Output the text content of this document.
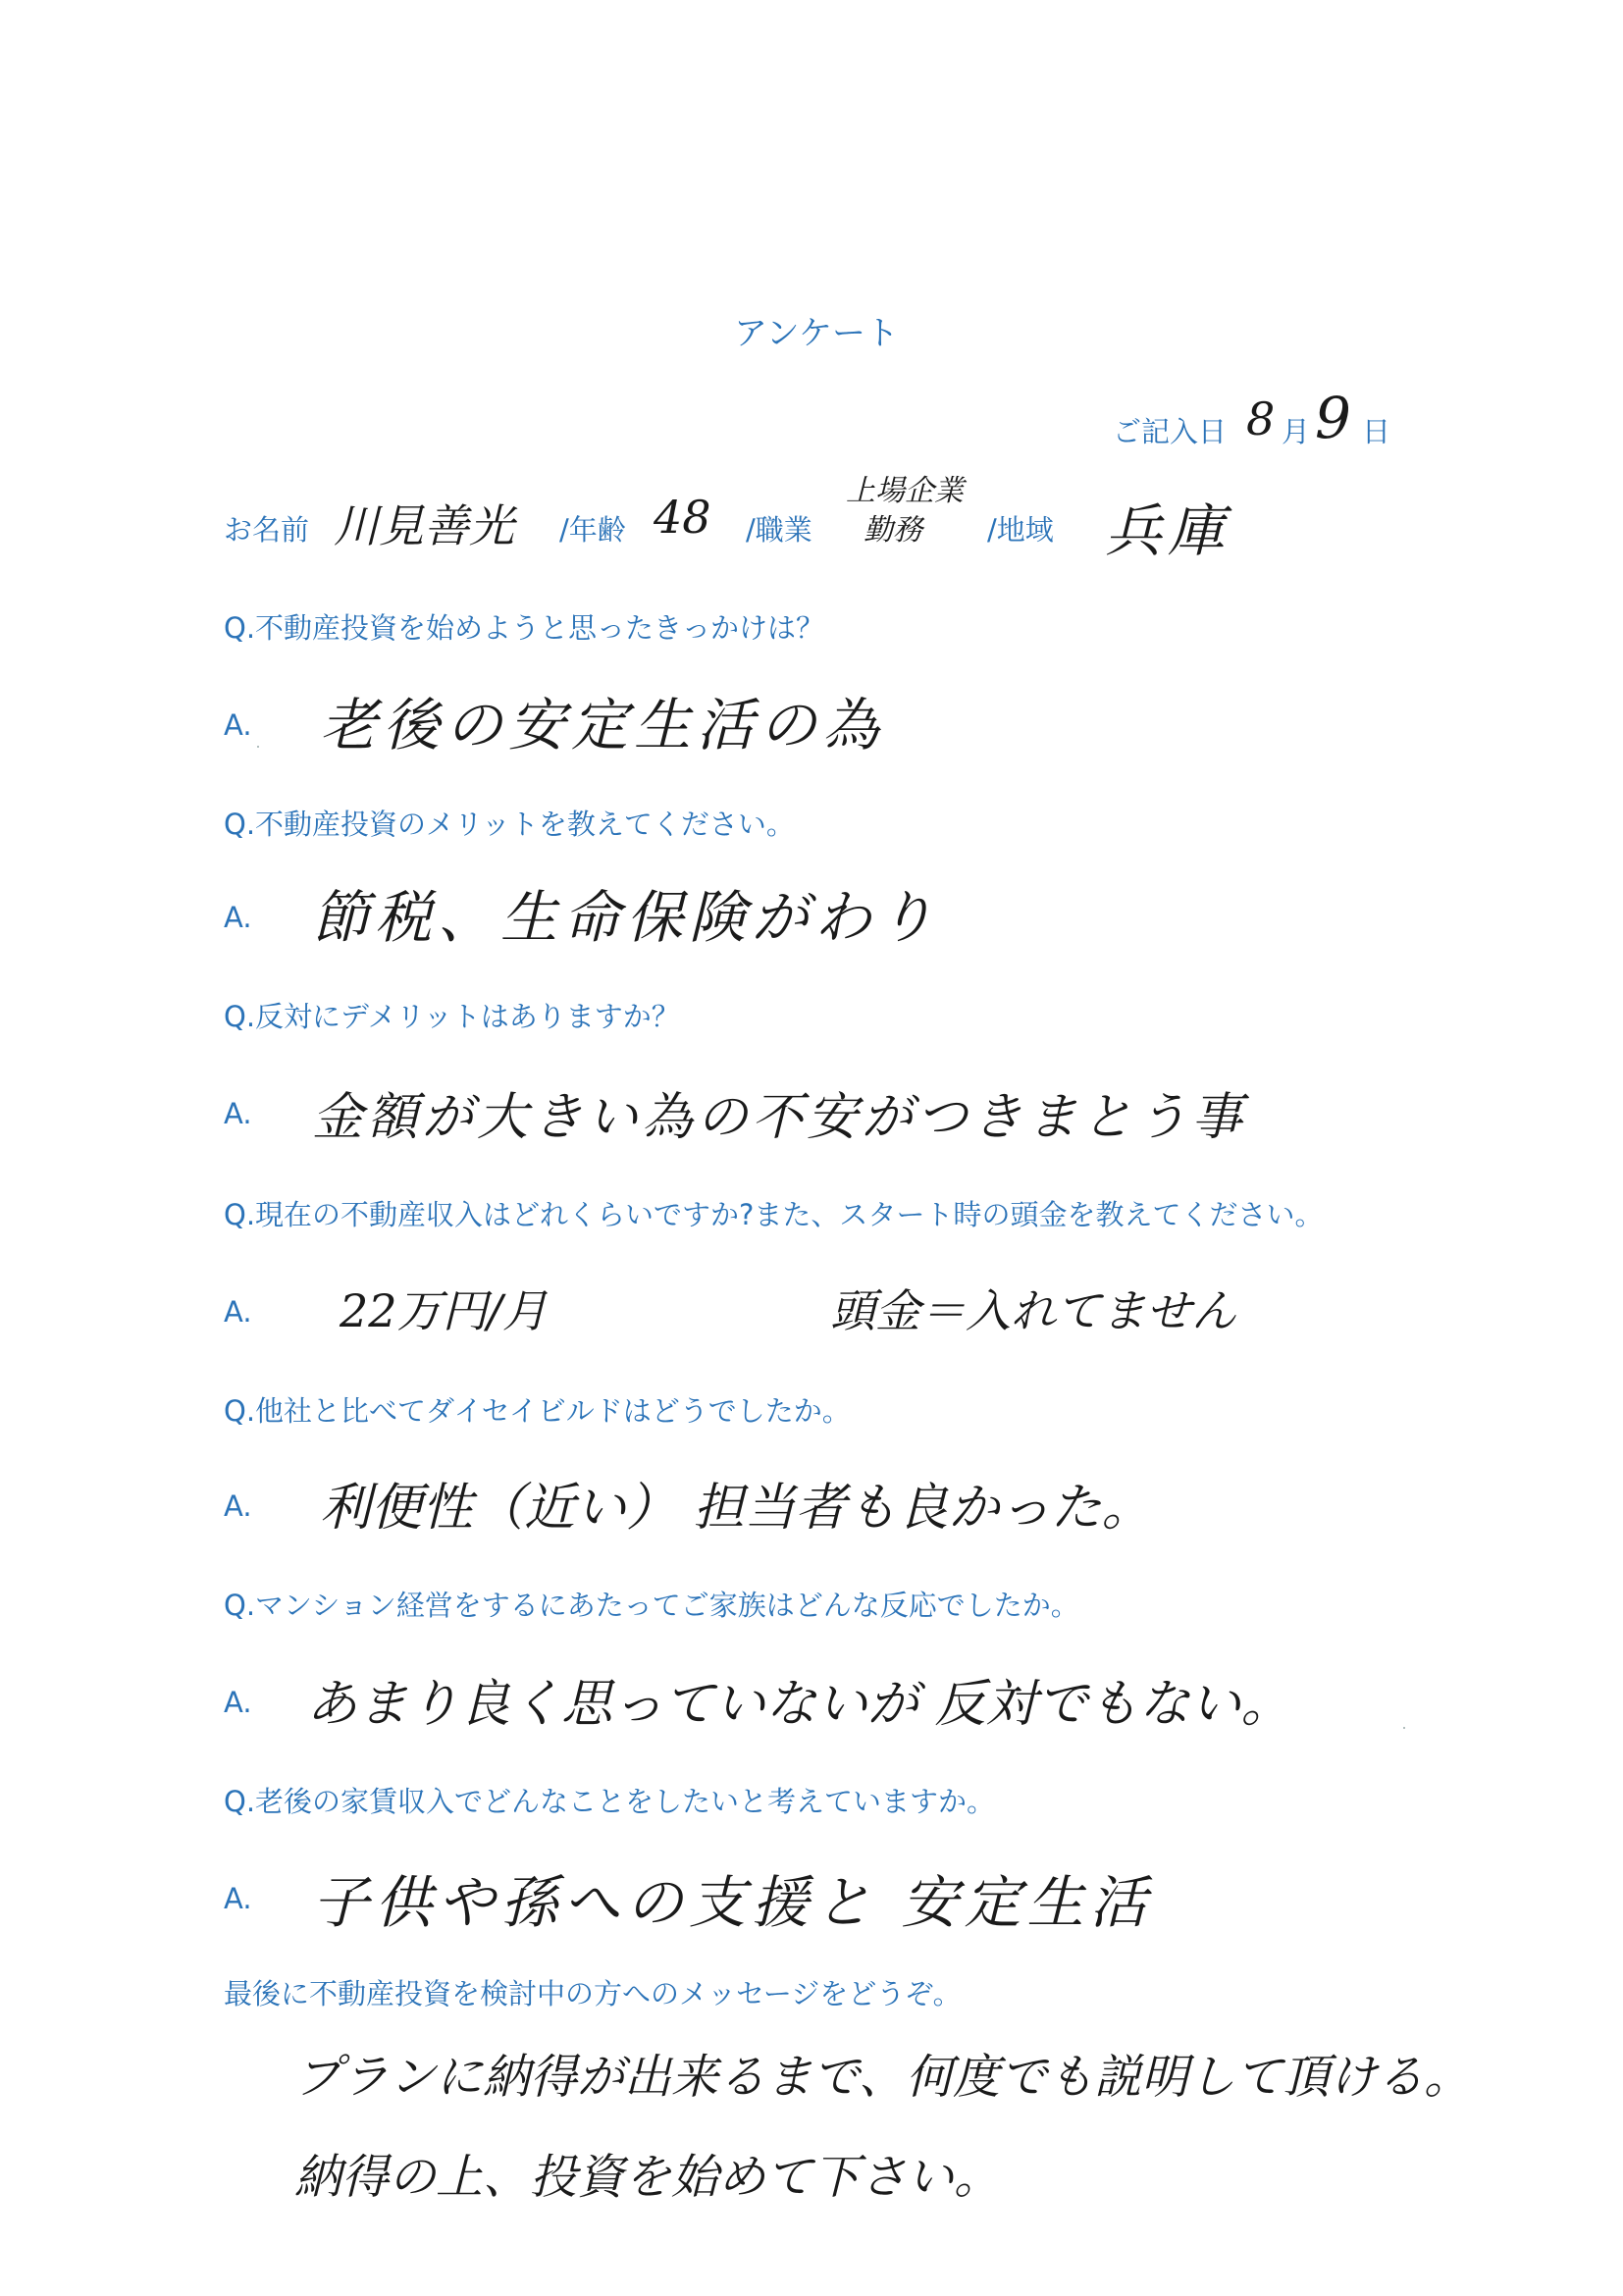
アンケート
ご記入日 8 月 9 日
お名前 川見善光 /年齢 48 /職業
上場企業
勤務 /地域 兵庫
Q.不動産投資を始めようと思ったきっかけは？
A. 老後の安定生活の為
Q.不動産投資のメリットを教えてください。
A. 節税、生命保険がわり
Q.反対にデメリットはありますか？
A. 金額が大きい為の不安がつきまとう事
Q.現在の不動産収入はどれくらいですか?また、スタート時の頭金を教えてください。
A. 22万円/月	頭金＝入れてません
Q.他社と比べてダイセイビルドはどうでしたか。
A. 利便性（近い） 担当者も良かった。
Q.マンション経営をするにあたってご家族はどんな反応でしたか。
A. あまり良く思っていないが 反対でもない。
Q.老後の家賃収入でどんなことをしたいと考えていますか。
A. 子供や孫への支援と 安定生活
最後に不動産投資を検討中の方へのメッセージをどうぞ。
プランに納得が出来るまで、何度でも説明して頂ける。
納得の上、投資を始めて下さい。
